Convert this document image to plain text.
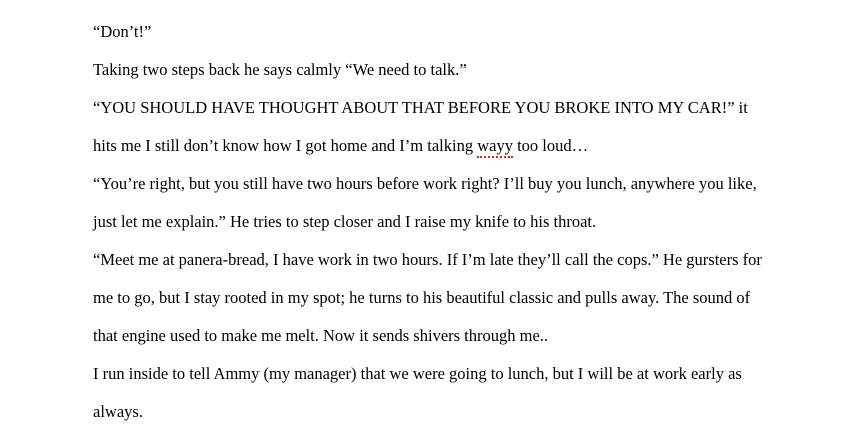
“Don’t!”

Taking two steps back he says calmly “We need to talk.”

“YOU SHOULD HAVE THOUGHT ABOUT THAT BEFORE YOU BROKE INTO MY CAR!” it hits me I still don’t know how I got home and I’m talking wayy too loud…

“You’re right, but you still have two hours before work right? I’ll buy you lunch, anywhere you like, just let me explain.” He tries to step closer and I raise my knife to his throat.

“Meet me at panera-bread, I have work in two hours. If I’m late they’ll call the cops.” He gursters for me to go, but I stay rooted in my spot; he turns to his beautiful classic and pulls away. The sound of that engine used to make me melt. Now it sends shivers through me..

I run inside to tell Ammy (my manager) that we were going to lunch, but I will be at work early as always.
